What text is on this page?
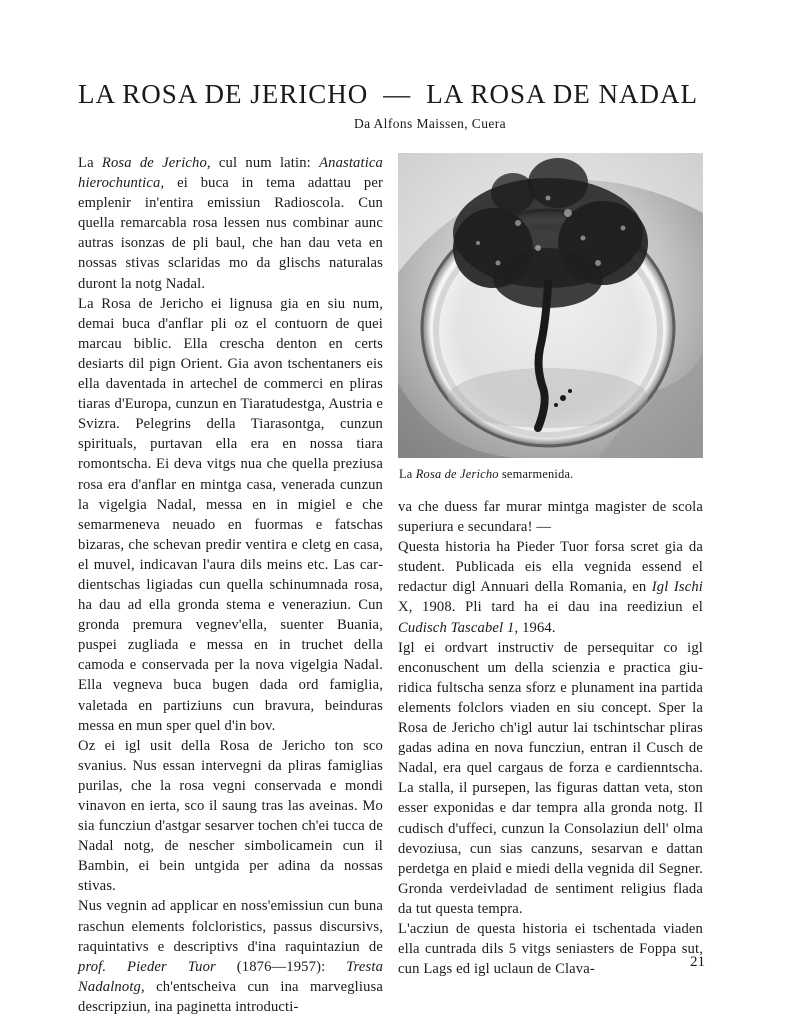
LA ROSA DE JERICHO — LA ROSA DE NADAL

Da Alfons Maissen, Cuera

La Rosa de Jericho, cul num latin: Anastatica hierochuntica, ei buca in tema adattau per emplenir in'entira emissiun Radioscola. Cun quella remarcabla rosa lessen nus combinar aunc autras isonzas de pli baul, che han dau veta en nossas stivas sclaridas mo da glischs naturalas duront la notg Nadal.

La Rosa de Jericho ei lignusa gia en siu num, demai buca d'anflar pli oz el contuorn de quei marcau biblic. Ella crescha denton en certs desiarts dil pign Orient. Gia avon tschentaners eis ella daventada in artechel de commerci en pliras tiaras d'Europa, cunzun en Tiaratudestga, Austria e Svizra. Pelegrins della Tiarasontga, cunzun spirituals, purtavan ella era en nossa tiara romontscha. Ei deva vitgs nua che quella preziusa rosa era d'anflar en mintga casa, venerada cunzun la vigelgia Nadal, messa en in migiel e che semarmeneva neuado en fuormas e fatschas bizaras, che schevan predir ventira e cletg en casa, el muvel, indicavan l'aura dils meins etc. Las cardientschas ligiadas cun quella schinumnada rosa, ha dau ad ella gronda stema e veneraziun. Cun gronda premura vegnev'ella, suenter Buania, puspei zugliada e messa en in truchet della camoda e conservada per la nova vigelgia Nadal. Ella vegneva buca bugen dada ord famiglia, valetada en partiziuns cun bravura, beinduras messa en mun sper quel d'in bov.

Oz ei igl usit della Rosa de Jericho ton sco svanius. Nus essan intervegni da pliras famiglias purilas, che la rosa vegni conservada e mondi vinavon en ierta, sco il saung tras las aveinas. Mo sia funcziun d'astgar sesarver tochen ch'ei tucca de Nadal notg, de nescher simbolicamein cun il Bambin, ei bein untgida per adina da nossas stivas.

Nus vegnin ad applicar en noss'emissiun cun buna raschun elements folcloristics, passus discursivs, raquintativs e descriptivs d'ina raquintaziun de prof. Pieder Tuor (1876—1957): Tresta Nadalnotg, ch'entscheiva cun ina marvegliusa descripziun, ina paginetta introducti-

La Rosa de Jericho semarmenida.

va che duess far murar mintga magister de scola superiura e secundara! —

Questa historia ha Pieder Tuor forsa scret gia da student. Publicada eis ella vegnida essend el redactur digl Annuari della Romania, en Igl Ischi X, 1908. Pli tard ha ei dau ina reediziun el Cudisch Tascabel 1, 1964.

Igl ei ordvart instructiv de persequitar co igl enconuschent um della scienzia e practica giuridica fultscha senza sforz e plunament ina partida elements folclors viaden en siu concept. Sper la Rosa de Jericho ch'igl autur lai tschintschar pliras gadas adina en nova funcziun, entran il Cusch de Nadal, era quel cargaus de forza e cardienntscha. La stalla, il pursepen, las figuras dattan veta, ston esser exponidas e dar tempra alla gronda notg. Il cudisch d'uffeci, cunzun la Consolaziun dell' olma devoziusa, cun sias canzuns, sesarvan e dattan perdetga en plaid e miedi della vegnida dil Segner. Gronda verdeivladad de sentiment religius flada da tut questa tempra.

L'acziun de questa historia ei tschentada viaden ella cuntrada dils 5 vitgs seniasters de Foppa sut, cun Lags ed igl uclaun de Clava-	21
